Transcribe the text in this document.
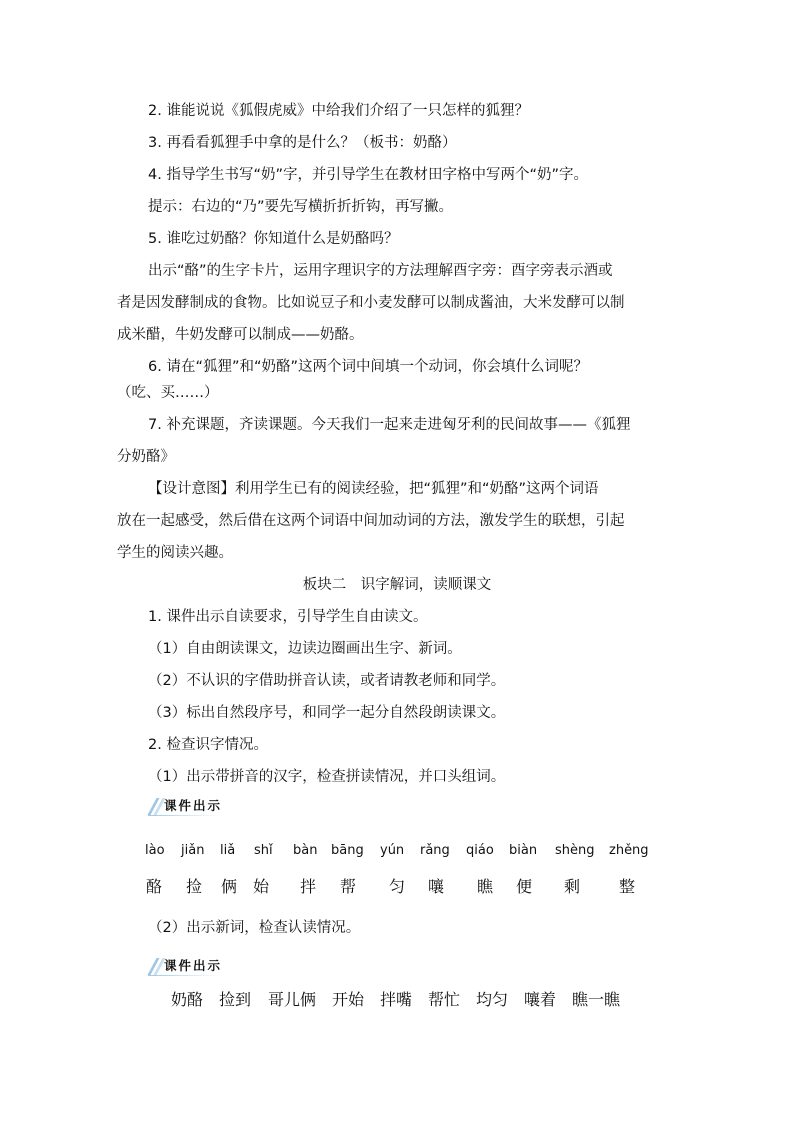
2. 谁能说说《狐假虎威》中给我们介绍了一只怎样的狐狸？
3. 再看看狐狸手中拿的是什么？（板书：奶酪）
4. 指导学生书写“奶”字，并引导学生在教材田字格中写两个“奶”字。
提示：右边的“乃”要先写横折折折钩，再写撇。
5. 谁吃过奶酪？你知道什么是奶酪吗？
出示“酪”的生字卡片，运用字理识字的方法理解酉字旁：酉字旁表示酒或
者是因发酵制成的食物。比如说豆子和小麦发酵可以制成酱油，大米发酵可以制
成米醋，牛奶发酵可以制成——奶酪。
6. 请在“狐狸”和“奶酪”这两个词中间填一个动词，你会填什么词呢？
（吃、买……）
7. 补充课题，齐读课题。今天我们一起来走进匈牙利的民间故事——《狐狸
分奶酪》
【设计意图】利用学生已有的阅读经验，把“狐狸”和“奶酪”这两个词语
放在一起感受，然后借在这两个词语中间加动词的方法，激发学生的联想，引起
学生的阅读兴趣。
板块二　识字解词，读顺课文
1. 课件出示自读要求，引导学生自由读文。
（1）自由朗读课文，边读边圈画出生字、新词。
（2）不认识的字借助拼音认读，或者请教老师和同学。
（3）标出自然段序号，和同学一起分自然段朗读课文。
2. 检查识字情况。
（1）出示带拼音的汉字，检查拼读情况，并口头组词。
课件出示
lào jiǎn liǎ shǐ bàn bāng yún rǎng qiáo biàn shèng zhěng
酪 捡 俩 始 拌 帮 匀 嚷 瞧 便 剩 整
（2）出示新词，检查认读情况。
课件出示
奶酪 捡到 哥儿俩 开始 拌嘴 帮忙 均匀 嚷着 瞧一瞧
